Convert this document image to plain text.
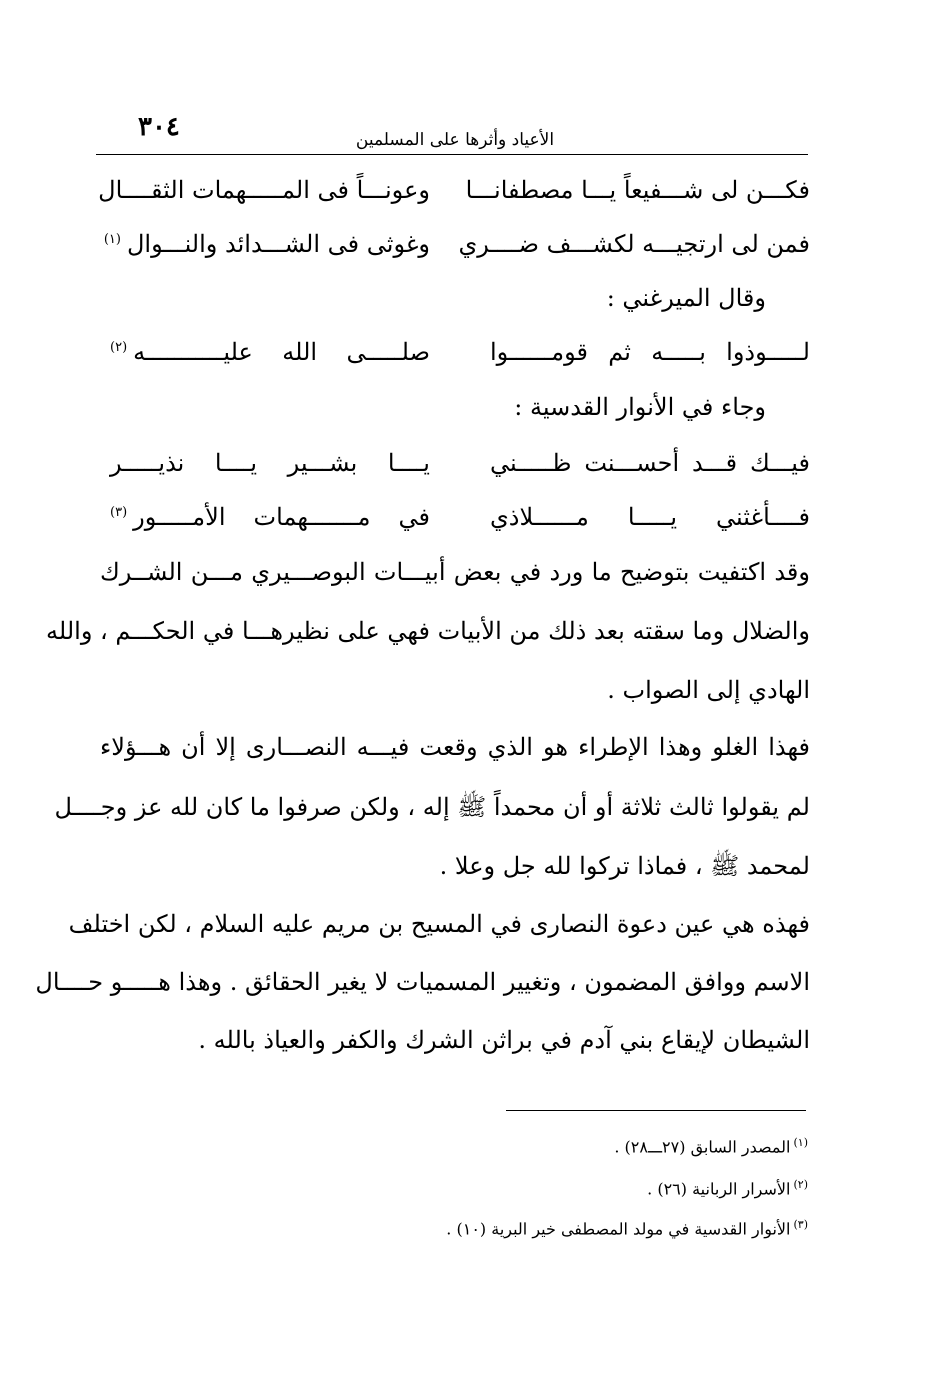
٣٠٤	الأعياد وأثرها على المسلمين
فكـــن لى شـــفيعاً يـــا مصطفانـــا
وعونـــاً فى المـــــهمات الثقــــال
فمن لى ارتجيـــه لكشـــف ضــــري
وغوثى فى الشـــدائد والنـــوال$^{(١)}$
وقال الميرغني :
لـــــوذوا بـــــه ثم قومــــــوا
صلـــــى الله عليـــــــــــه$^{(٢)}$
وجاء في الأنوار القدسية :
فيـــك قـــد أحســـنت ظـــــني
يــــا بشـــير يــــا نذيـــــر
فــــأغثني يـــــا مــــــلاذي
في مـــــــهمات الأمـــــور$^{(٣)}$
وقد اكتفيت بتوضيح ما ورد في بعض أبيـــات البوصـــيري مـــن الشــرك
والضلال وما سقته بعد ذلك من الأبيات فهي على نظيرهـــا في الحكـــم ، والله
الهادي إلى الصواب .
فهذا الغلو وهذا الإطراء هو الذي وقعت فيـــه النصـــارى إلا أن هـــؤلاء
لم يقولوا ثالث ثلاثة أو أن محمداً ﷺ إله ، ولكن صرفوا ما كان لله عز وجــــل
لمحمد ﷺ ، فماذا تركوا لله جل وعلا .
فهذه هي عين دعوة النصارى في المسيح بن مريم عليه السلام ، لكن اختلف
الاسم ووافق المضمون ، وتغيير المسميات لا يغير الحقائق . وهذا هـــــو حــــال
الشيطان لإيقاع بني آدم في براثن الشرك والكفر والعياذ بالله .
$^{(١)}$المصدر السابق (٢٧ـــ٢٨) .
$^{(٢)}$الأسرار الربانية (٢٦) .
$^{(٣)}$الأنوار القدسية في مولد المصطفى خير البرية (١٠) .
